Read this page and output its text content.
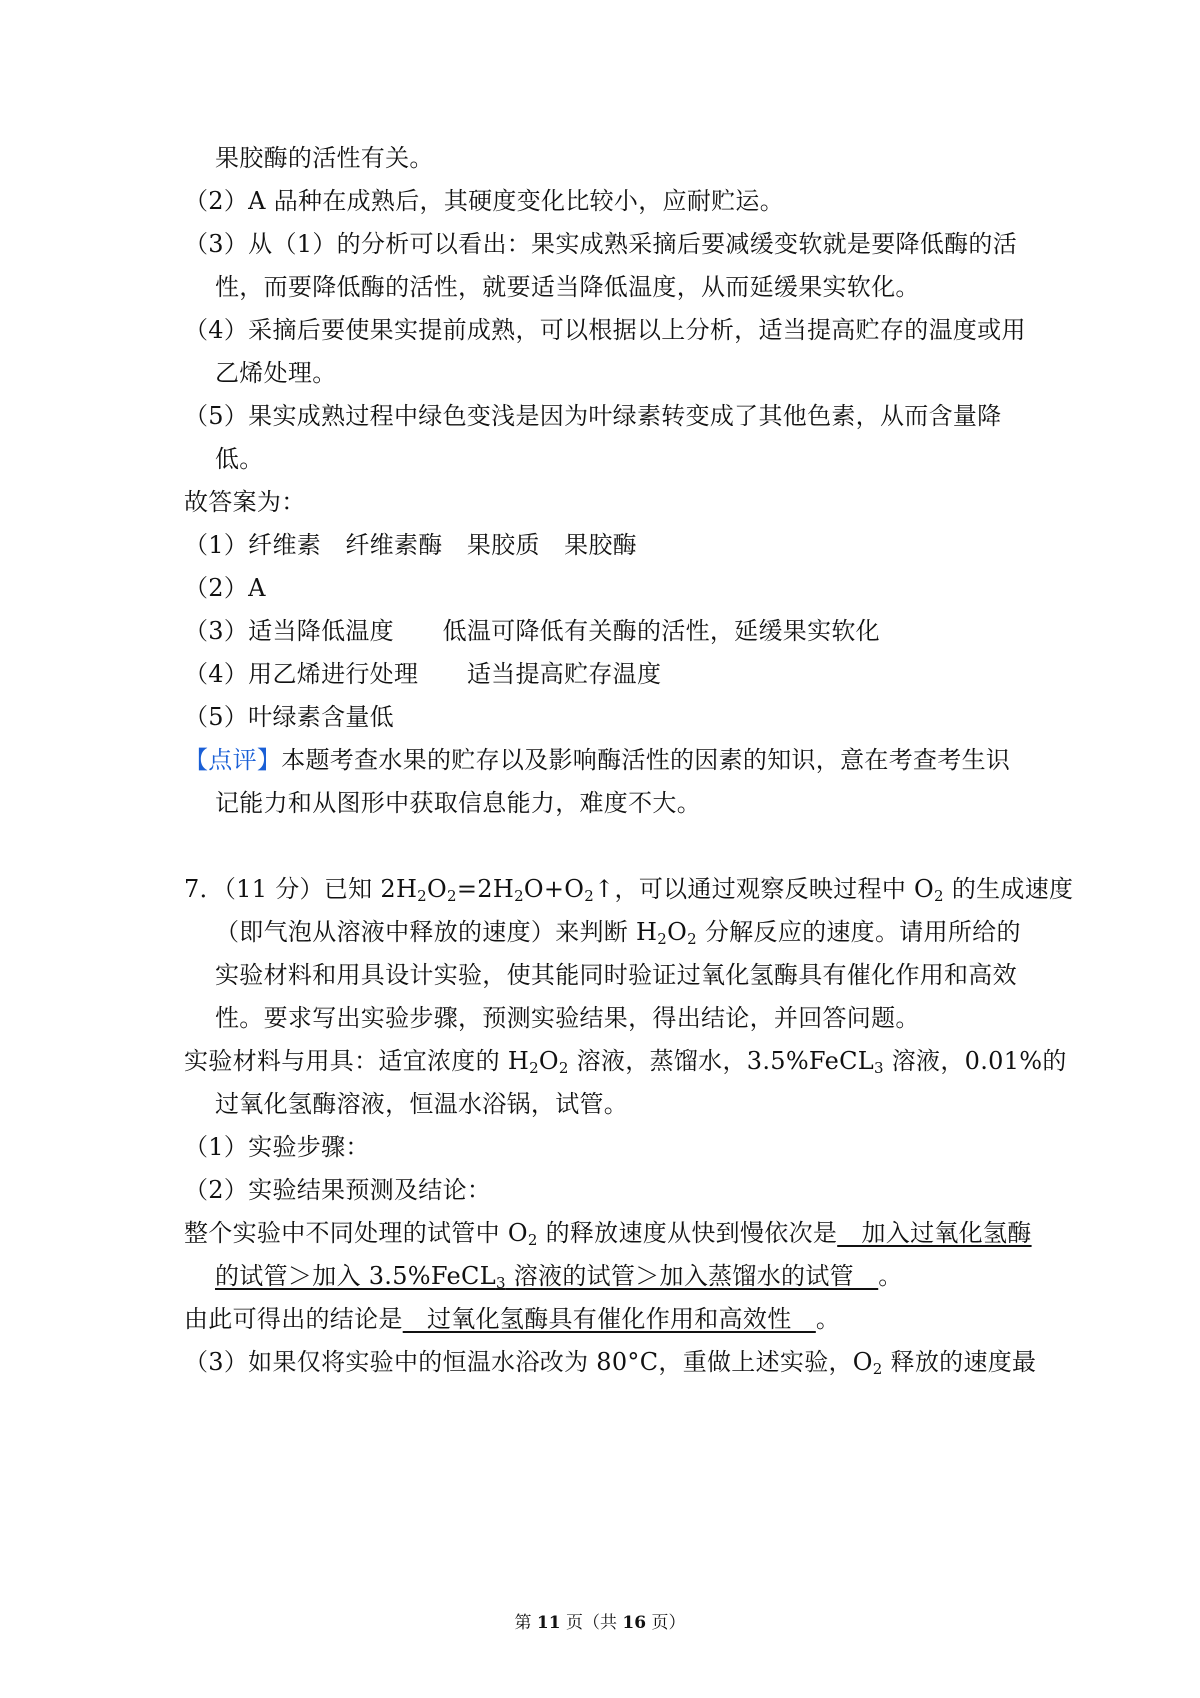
果胶酶的活性有关。
（2）A 品种在成熟后，其硬度变化比较小，应耐贮运。
（3）从（1）的分析可以看出：果实成熟采摘后要减缓变软就是要降低酶的活
性，而要降低酶的活性，就要适当降低温度，从而延缓果实软化。
（4）采摘后要使果实提前成熟，可以根据以上分析，适当提高贮存的温度或用
乙烯处理。
（5）果实成熟过程中绿色变浅是因为叶绿素转变成了其他色素，从而含量降
低。
故答案为：
（1）纤维素　纤维素酶　果胶质　果胶酶
（2）A
（3）适当降低温度　　低温可降低有关酶的活性，延缓果实软化
（4）用乙烯进行处理　　适当提高贮存温度
（5）叶绿素含量低
【点评】本题考查水果的贮存以及影响酶活性的因素的知识，意在考查考生识
记能力和从图形中获取信息能力，难度不大。
7．（11 分）已知 $2H_2O_2=2H_2O+O_2↑$，可以通过观察反映过程中 $O_2$ 的生成速度
（即气泡从溶液中释放的速度）来判断 $H_2O_2$ 分解反应的速度。请用所给的
实验材料和用具设计实验，使其能同时验证过氧化氢酶具有催化作用和高效
性。要求写出实验步骤，预测实验结果，得出结论，并回答问题。
实验材料与用具：适宜浓度的 $H_2O_2$ 溶液，蒸馏水，3.5%FeCL$_3$ 溶液，0.01%的
过氧化氢酶溶液，恒温水浴锅，试管。
（1）实验步骤：
（2）实验结果预测及结论：
整个实验中不同处理的试管中 $O_2$ 的释放速度从快到慢依次是　加入过氧化氢酶
的试管＞加入 3.5%FeCL$_3$ 溶液的试管＞加入蒸馏水的试管　。
由此可得出的结论是　过氧化氢酶具有催化作用和高效性　。
（3）如果仅将实验中的恒温水浴改为 80°C，重做上述实验，$O_2$ 释放的速度最
第 11 页（共 16 页）
